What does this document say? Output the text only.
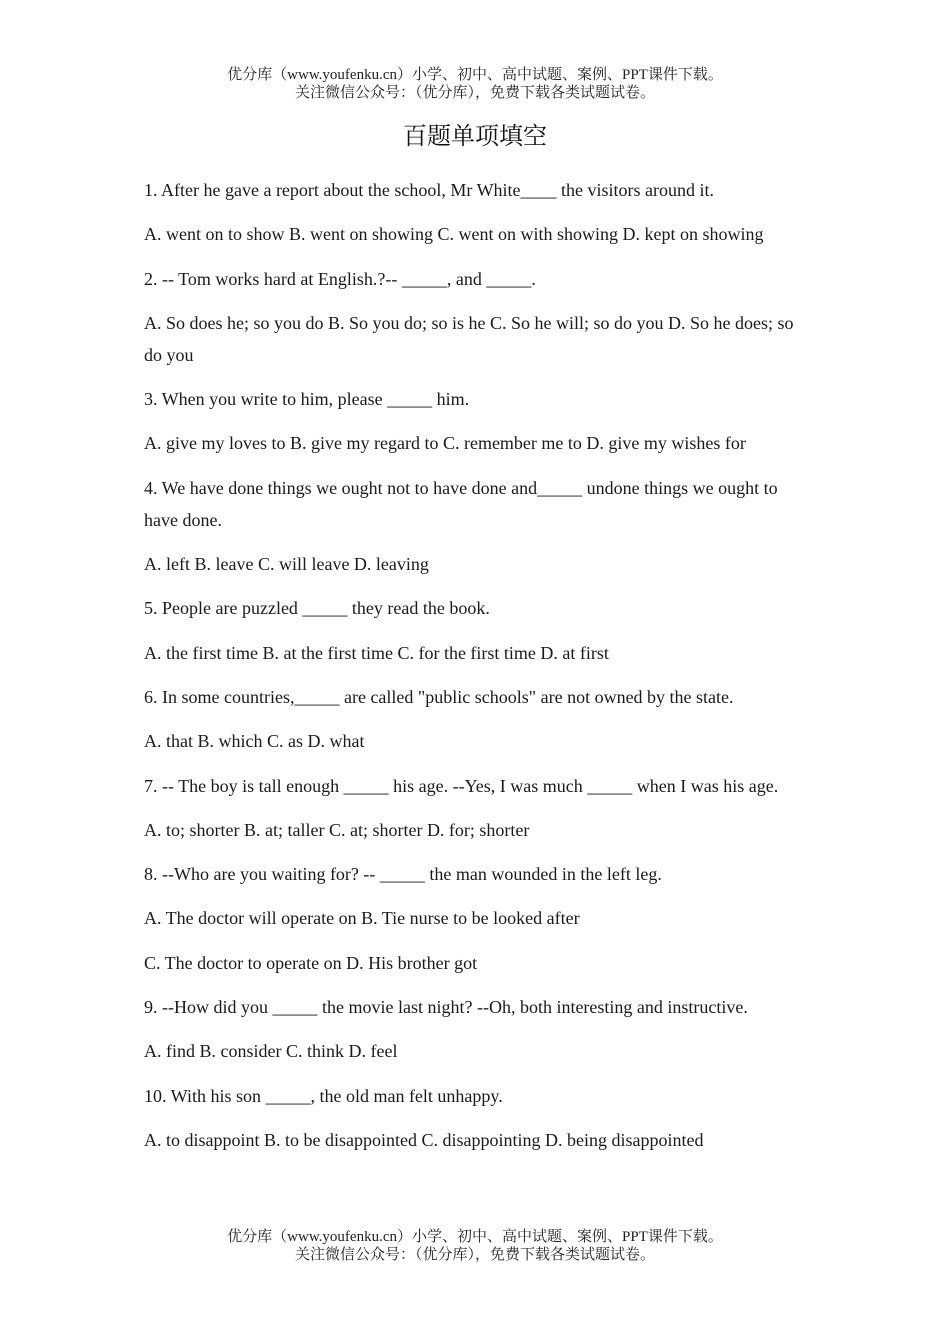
优分库（www.youfenku.cn）小学、初中、高中试题、案例、PPT课件下载。
关注微信公众号：（优分库），免费下载各类试题试卷。
百题单项填空

1. After he gave a report about the school, Mr White____ the visitors around it.

A. went on to show B. went on showing C. went on with showing D. kept on showing

2. -- Tom works hard at English.?-- _____, and _____.

A. So does he; so you do B. So you do; so is he C. So he will; so do you D. So he does; so do you

3. When you write to him, please _____ him.

A. give my loves to B. give my regard to C. remember me to D. give my wishes for

4. We have done things we ought not to have done and_____ undone things we ought to have done.

A. left B. leave C. will leave D. leaving

5. People are puzzled _____ they read the book.

A. the first time B. at the first time C. for the first time D. at first

6. In some countries,_____ are called "public schools" are not owned by the state.

A. that B. which C. as D. what

7. -- The boy is tall enough _____ his age. --Yes, I was much _____ when I was his age.

A. to; shorter B. at; taller C. at; shorter D. for; shorter

8. --Who are you waiting for? -- _____ the man wounded in the left leg.

A. The doctor will operate on B. Tie nurse to be looked after

C. The doctor to operate on D. His brother got

9. --How did you _____ the movie last night? --Oh, both interesting and instructive.

A. find B. consider C. think D. feel

10. With his son _____, the old man felt unhappy.

A. to disappoint B. to be disappointed C. disappointing D. being disappointed

优分库（www.youfenku.cn）小学、初中、高中试题、案例、PPT课件下载。
关注微信公众号：（优分库），免费下载各类试题试卷。
